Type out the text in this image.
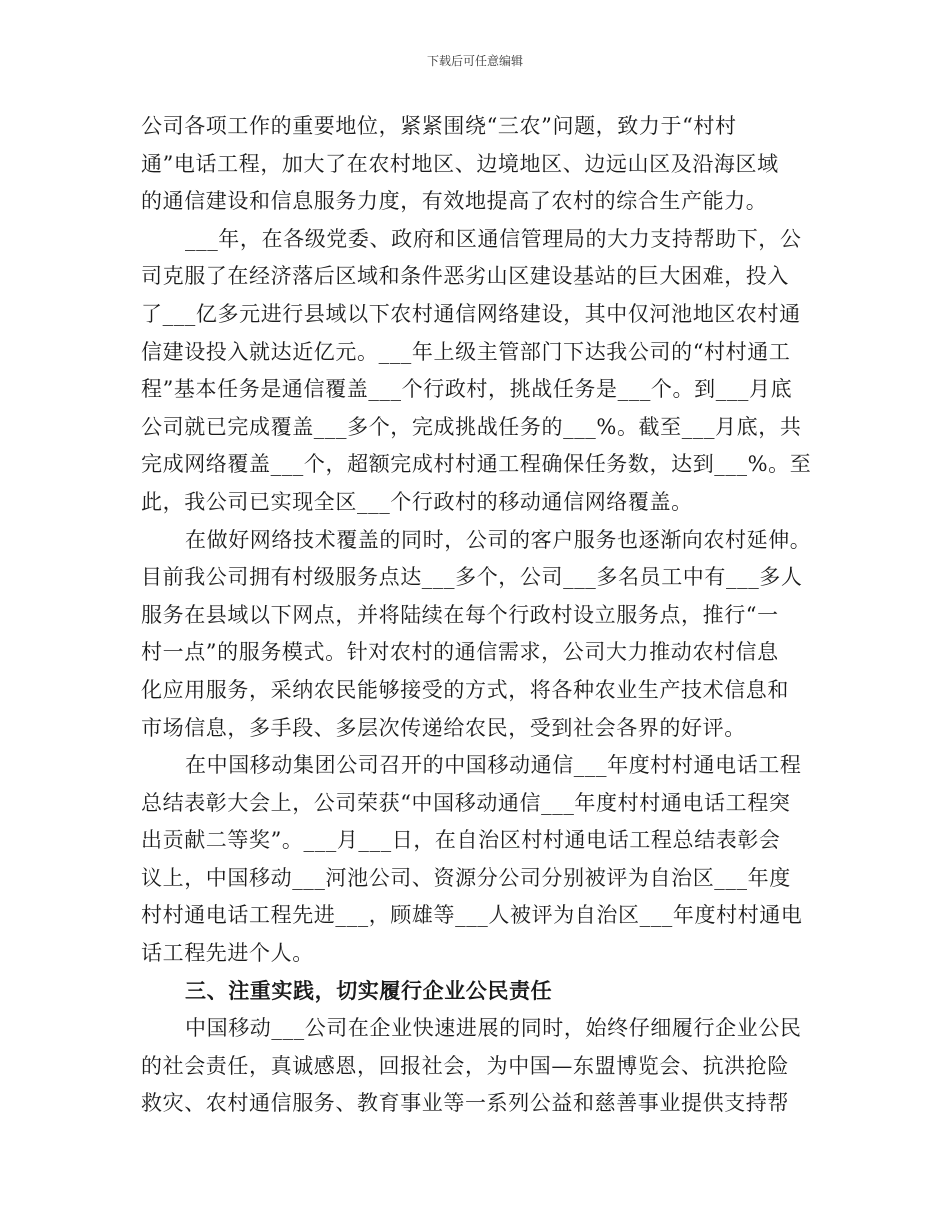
下载后可任意编辑
公司各项工作的重要地位，紧紧围绕“三农”问题，致力于“村村
通”电话工程，加大了在农村地区、边境地区、边远山区及沿海区域
的通信建设和信息服务力度，有效地提高了农村的综合生产能力。
___年，在各级党委、政府和区通信管理局的大力支持帮助下，公
司克服了在经济落后区域和条件恶劣山区建设基站的巨大困难，投入
了___亿多元进行县域以下农村通信网络建设，其中仅河池地区农村通
信建设投入就达近亿元。___年上级主管部门下达我公司的“村村通工
程”基本任务是通信覆盖___个行政村，挑战任务是___个。到___月底
公司就已完成覆盖___多个，完成挑战任务的___%。截至___月底，共
完成网络覆盖___个，超额完成村村通工程确保任务数，达到___%。至
此，我公司已实现全区___个行政村的移动通信网络覆盖。
在做好网络技术覆盖的同时，公司的客户服务也逐渐向农村延伸。
目前我公司拥有村级服务点达___多个，公司___多名员工中有___多人
服务在县域以下网点，并将陆续在每个行政村设立服务点，推行“一
村一点”的服务模式。针对农村的通信需求，公司大力推动农村信息
化应用服务，采纳农民能够接受的方式，将各种农业生产技术信息和
市场信息，多手段、多层次传递给农民，受到社会各界的好评。
在中国移动集团公司召开的中国移动通信___年度村村通电话工程
总结表彰大会上，公司荣获“中国移动通信___年度村村通电话工程突
出贡献二等奖”。___月___日，在自治区村村通电话工程总结表彰会
议上，中国移动___河池公司、资源分公司分别被评为自治区___年度
村村通电话工程先进___，顾雄等___人被评为自治区___年度村村通电
话工程先进个人。
三、注重实践，切实履行企业公民责任
中国移动___公司在企业快速进展的同时，始终仔细履行企业公民
的社会责任，真诚感恩，回报社会，为中国—东盟博览会、抗洪抢险
救灾、农村通信服务、教育事业等一系列公益和慈善事业提供支持帮
